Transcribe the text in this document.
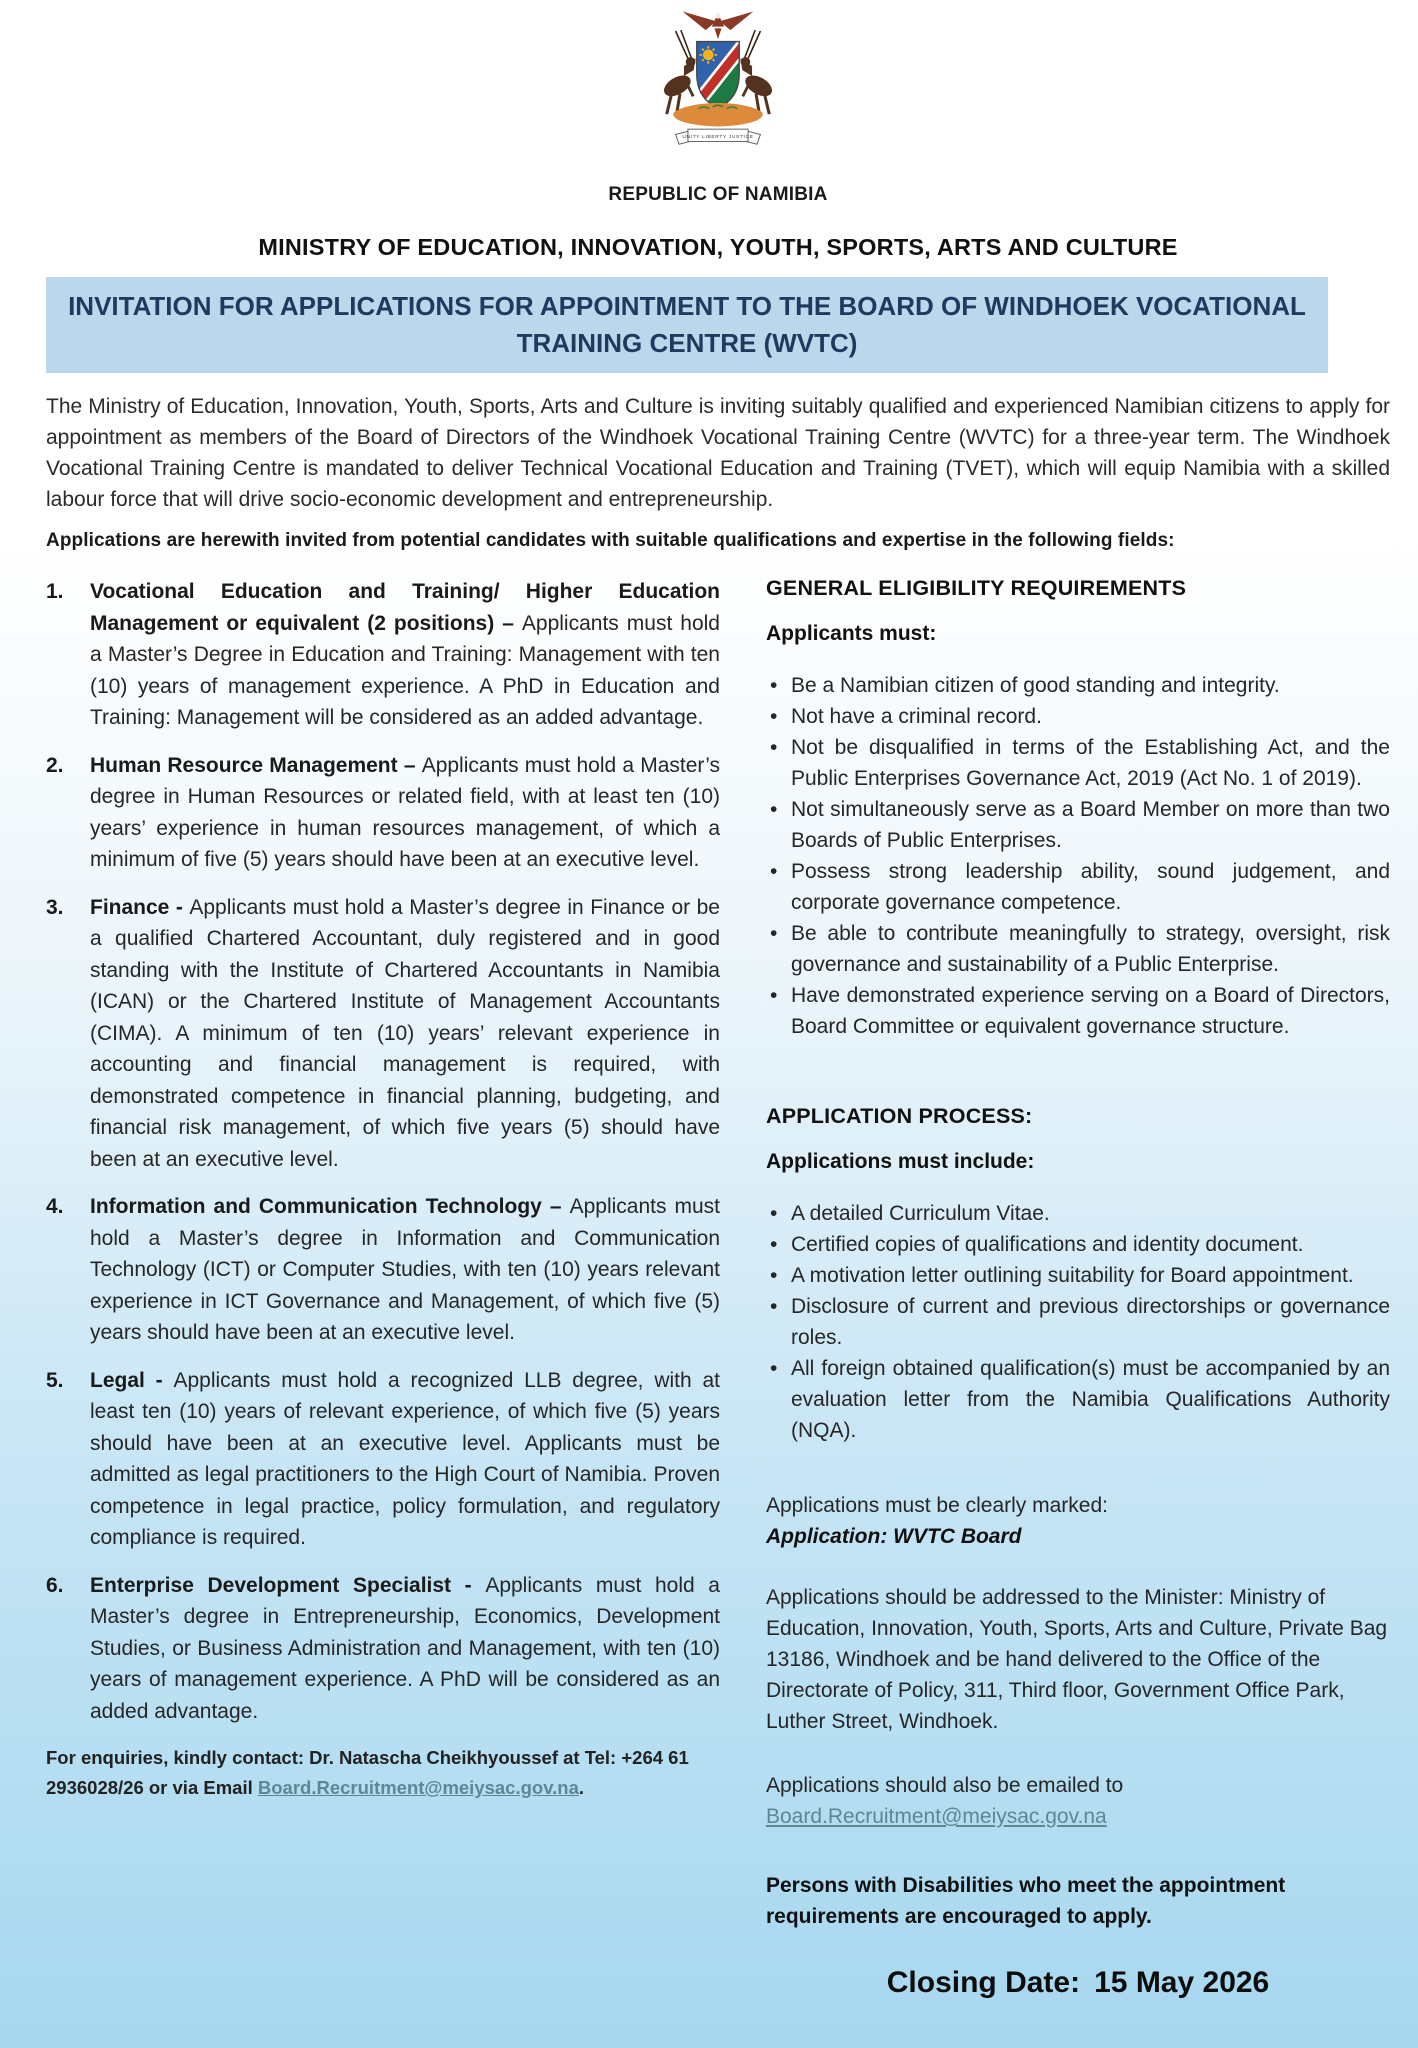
UNITY LIBERTY JUSTICE
REPUBLIC OF NAMIBIA
MINISTRY OF EDUCATION, INNOVATION, YOUTH, SPORTS, ARTS AND CULTURE
INVITATION FOR APPLICATIONS FOR APPOINTMENT TO THE BOARD OF WINDHOEK VOCATIONAL TRAINING CENTRE (WVTC)
The Ministry of Education, Innovation, Youth, Sports, Arts and Culture is inviting suitably qualified and experienced Namibian citizens to apply for appointment as members of the Board of Directors of the Windhoek Vocational Training Centre (WVTC) for a three-year term. The Windhoek Vocational Training Centre is mandated to deliver Technical Vocational Education and Training (TVET), which will equip Namibia with a skilled labour force that will drive socio-economic development and entrepreneurship.
Applications are herewith invited from potential candidates with suitable qualifications and expertise in the following fields:
1.	Vocational Education and Training/ Higher Education Management or equivalent (2 positions) – Applicants must hold a Master’s Degree in Education and Training: Management with ten (10) years of management experience. A PhD in Education and Training: Management will be considered as an added advantage.
2.	Human Resource Management – Applicants must hold a Master’s degree in Human Resources or related field, with at least ten (10) years’ experience in human resources management, of which a minimum of five (5) years should have been at an executive level.
3.	Finance - Applicants must hold a Master’s degree in Finance or be a qualified Chartered Accountant, duly registered and in good standing with the Institute of Chartered Accountants in Namibia (ICAN) or the Chartered Institute of Management Accountants (CIMA). A minimum of ten (10) years’ relevant experience in accounting and financial management is required, with demonstrated competence in financial planning, budgeting, and financial risk management, of which five years (5) should have been at an executive level.
4.	Information and Communication Technology – Applicants must hold a Master’s degree in Information and Communication Technology (ICT) or Computer Studies, with ten (10) years relevant experience in ICT Governance and Management, of which five (5) years should have been at an executive level.
5.	Legal - Applicants must hold a recognized LLB degree, with at least ten (10) years of relevant experience, of which five (5) years should have been at an executive level. Applicants must be admitted as legal practitioners to the High Court of Namibia. Proven competence in legal practice, policy formulation, and regulatory compliance is required.
6.	Enterprise Development Specialist - Applicants must hold a Master’s degree in Entrepreneurship, Economics, Development Studies, or Business Administration and Management, with ten (10) years of management experience. A PhD will be considered as an added advantage.
For enquiries, kindly contact: Dr. Natascha Cheikhyoussef at Tel: +264 61 2936028/26 or via Email Board.Recruitment@meiysac.gov.na.
GENERAL ELIGIBILITY REQUIREMENTS
Applicants must:
• Be a Namibian citizen of good standing and integrity.
• Not have a criminal record.
• Not be disqualified in terms of the Establishing Act, and the Public Enterprises Governance Act, 2019 (Act No. 1 of 2019).
• Not simultaneously serve as a Board Member on more than two Boards of Public Enterprises.
• Possess strong leadership ability, sound judgement, and corporate governance competence.
• Be able to contribute meaningfully to strategy, oversight, risk governance and sustainability of a Public Enterprise.
• Have demonstrated experience serving on a Board of Directors, Board Committee or equivalent governance structure.
APPLICATION PROCESS:
Applications must include:
• A detailed Curriculum Vitae.
• Certified copies of qualifications and identity document.
• A motivation letter outlining suitability for Board appointment.
• Disclosure of current and previous directorships or governance roles.
• All foreign obtained qualification(s) must be accompanied by an evaluation letter from the Namibia Qualifications Authority (NQA).
Applications must be clearly marked:
Application: WVTC Board
Applications should be addressed to the Minister: Ministry of Education, Innovation, Youth, Sports, Arts and Culture, Private Bag 13186, Windhoek and be hand delivered to the Office of the Directorate of Policy, 311, Third floor, Government Office Park, Luther Street, Windhoek.
Applications should also be emailed to
Board.Recruitment@meiysac.gov.na
Persons with Disabilities who meet the appointment requirements are encouraged to apply.
Closing Date: 15 May 2026
